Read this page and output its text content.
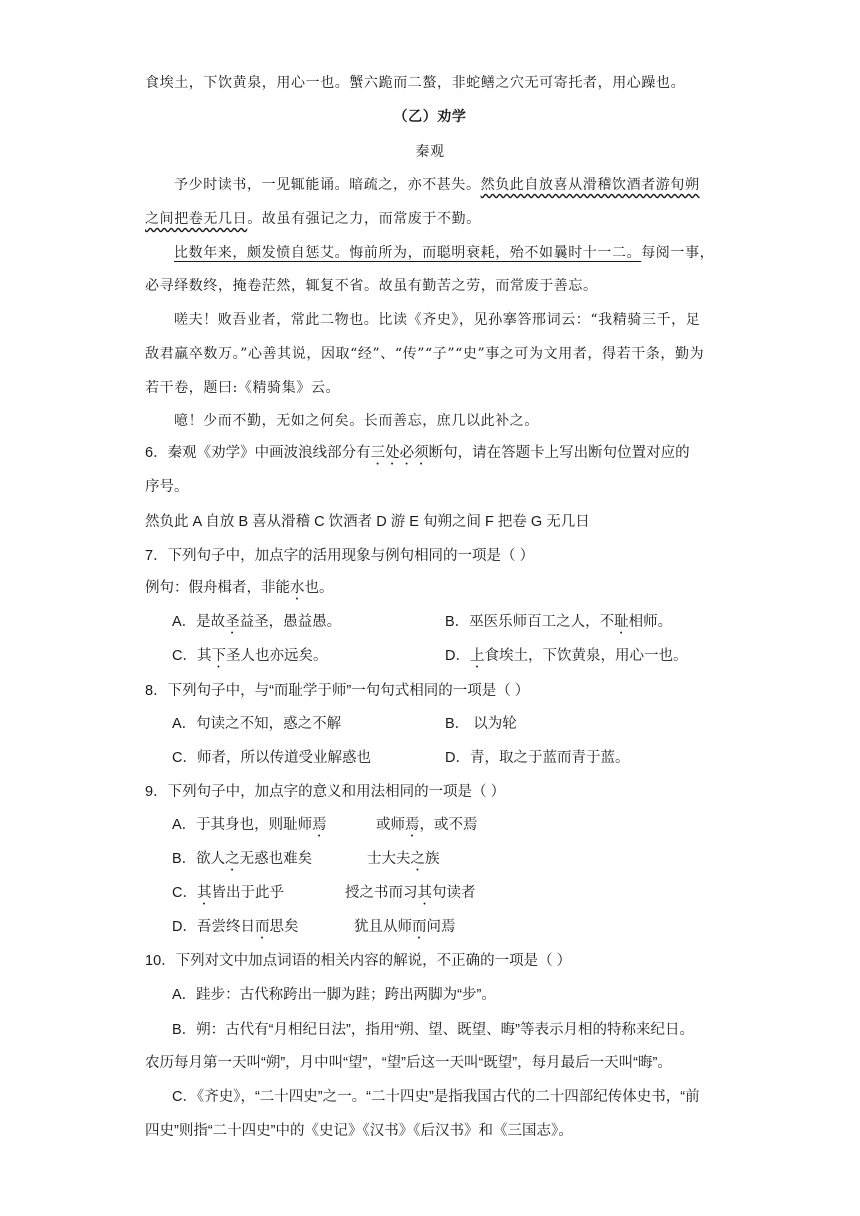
食埃土，下饮黄泉，用心一也。蟹六跪而二螯，非蛇鳝之穴无可寄托者，用心躁也。
（乙）劝学
秦观
予少时读书，一见辄能诵。暗疏之，亦不甚失。然负此自放喜从滑稽饮酒者游旬朔
之间把卷无几日。故虽有强记之力，而常废于不勤。
比数年来，颇发愤自惩艾。悔前所为，而聪明衰耗，殆不如曩时十一二。每阅一事，
必寻绎数终，掩卷茫然，辄复不省。故虽有勤苦之劳，而常废于善忘。
嗟夫！败吾业者，常此二物也。比读《齐史》，见孙搴答邢词云：“我精骑三千，足
敌君羸卒数万。”心善其说，因取“经”、“传”“子”“史”事之可为文用者，得若干条，勤为
若干卷，题曰:《精骑集》云。
噫！少而不勤，无如之何矣。长而善忘，庶几以此补之。
6．秦观《劝学》中画波浪线部分有三处必须断句，请在答题卡上写出断句位置对应的
序号。
然负此 A 自放 B 喜从滑稽 C 饮酒者 D 游 E 旬朔之间 F 把卷 G 无几日
7．下列句子中，加点字的活用现象与例句相同的一项是（ ）
例句：假舟楫者，非能水也。
A．是故圣益圣，愚益愚。	B．巫医乐师百工之人，不耻相师。
C．其下圣人也亦远矣。	D．上食埃土，下饮黄泉，用心一也。
8．下列句子中，与“而耻学于师”一句句式相同的一项是（ ）
A．句读之不知，惑之不解	B． 以为轮
C．师者，所以传道受业解惑也	D．青，取之于蓝而青于蓝。
9．下列句子中，加点字的意义和用法相同的一项是（ ）
A．于其身也，则耻师焉	或师焉，或不焉
B．欲人之无惑也难矣	士大夫之族
C．其皆出于此乎	授之书而习其句读者
D．吾尝终日而思矣	犹且从师而问焉
10．下列对文中加点词语的相关内容的解说，不正确的一项是（ ）
A．跬步：古代称跨出一脚为跬；跨出两脚为“步”。
B．朔：古代有“月相纪日法”，指用“朔、望、既望、晦”等表示月相的特称来纪日。
农历每月第一天叫“朔”，月中叫“望”，“望”后这一天叫“既望”，每月最后一天叫“晦”。
C．《齐史》，“二十四史”之一。“二十四史”是指我国古代的二十四部纪传体史书，“前
四史”则指“二十四史”中的《史记》《汉书》《后汉书》和《三国志》。
